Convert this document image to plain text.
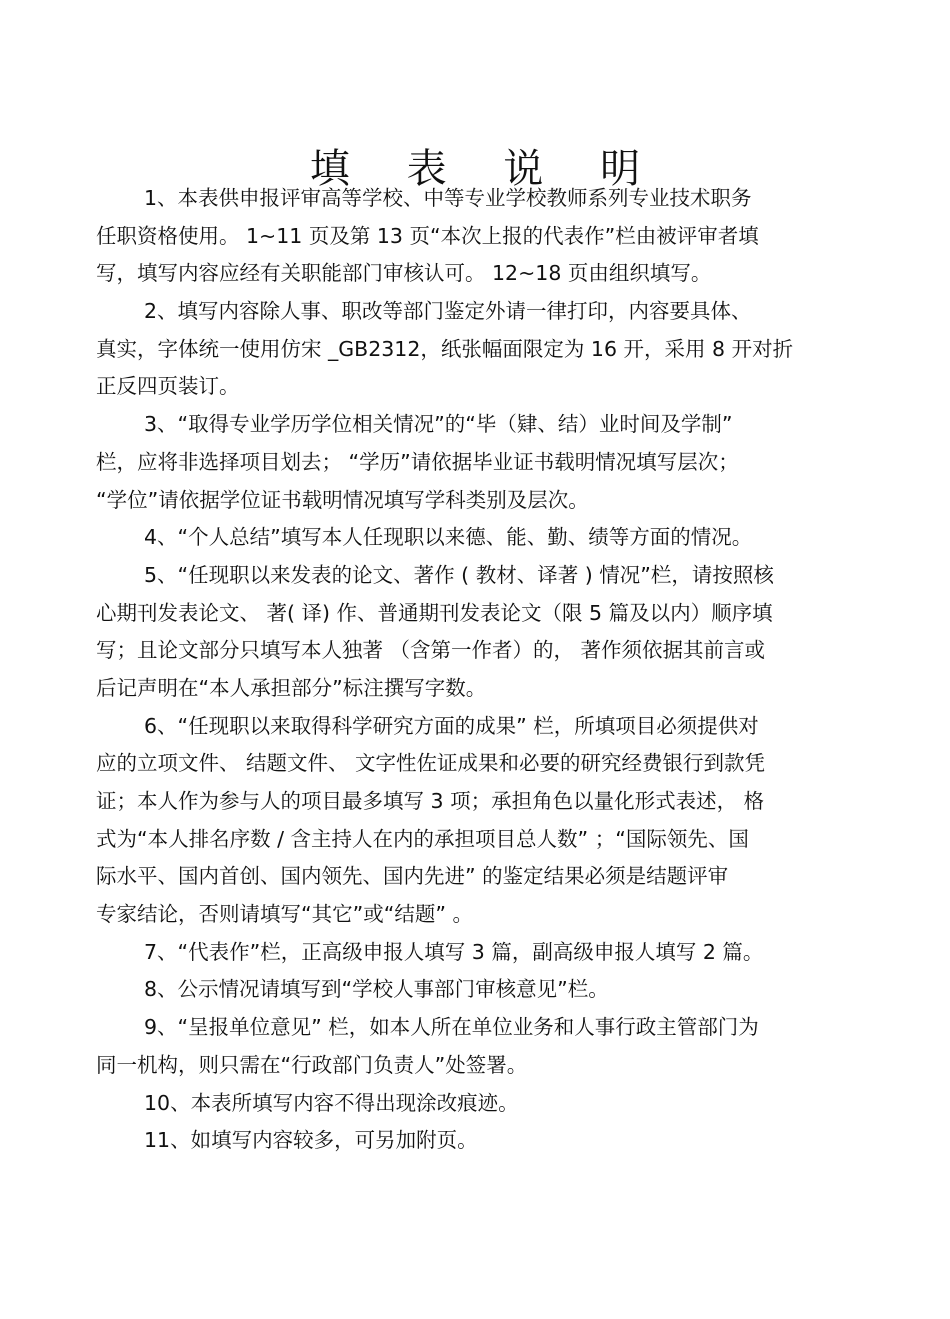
填 表 说 明
1、本表供申报评审高等学校、中等专业学校教师系列专业技术职务
任职资格使用。 1~11 页及第 13 页“本次上报的代表作”栏由被评审者填
写，填写内容应经有关职能部门审核认可。 12~18 页由组织填写。
2、填写内容除人事、职改等部门鉴定外请一律打印，内容要具体、
真实，字体统一使用仿宋 _GB2312，纸张幅面限定为 16 开，采用 8 开对折
正反四页装订。
3、“取得专业学历学位相关情况”的“毕（肄、结）业时间及学制”
栏，应将非选择项目划去； “学历”请依据毕业证书载明情况填写层次；
“学位”请依据学位证书载明情况填写学科类别及层次。
4、“个人总结”填写本人任现职以来德、能、勤、绩等方面的情况。
5、“任现职以来发表的论文、著作 ( 教材、译著 ) 情况”栏，请按照核
心期刊发表论文、 著( 译) 作、普通期刊发表论文（限 5 篇及以内）顺序填
写；且论文部分只填写本人独著 （含第一作者）的， 著作须依据其前言或
后记声明在“本人承担部分”标注撰写字数。
6、“任现职以来取得科学研究方面的成果” 栏，所填项目必须提供对
应的立项文件、 结题文件、 文字性佐证成果和必要的研究经费银行到款凭
证；本人作为参与人的项目最多填写 3 项；承担角色以量化形式表述， 格
式为“本人排名序数 / 含主持人在内的承担项目总人数” ；“国际领先、国
际水平、国内首创、国内领先、国内先进” 的鉴定结果必须是结题评审
专家结论，否则请填写“其它”或“结题” 。
7、“代表作”栏，正高级申报人填写 3 篇，副高级申报人填写 2 篇。
8、公示情况请填写到“学校人事部门审核意见”栏。
9、“呈报单位意见” 栏，如本人所在单位业务和人事行政主管部门为
同一机构，则只需在“行政部门负责人”处签署。
10、本表所填写内容不得出现涂改痕迹。
11、如填写内容较多，可另加附页。
